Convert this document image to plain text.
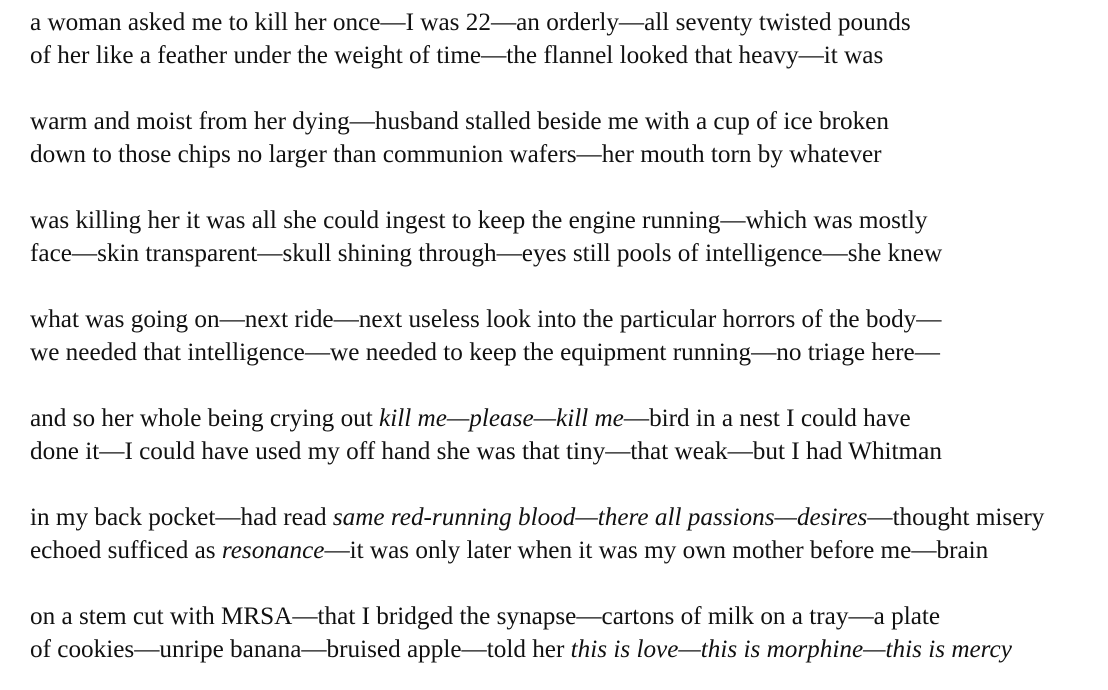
a woman asked me to kill her once—I was 22—an orderly—all seventy twisted pounds
of her like a feather under the weight of time—the flannel looked that heavy—it was
warm and moist from her dying—husband stalled beside me with a cup of ice broken
down to those chips no larger than communion wafers—her mouth torn by whatever
was killing her it was all she could ingest to keep the engine running—which was mostly
face—skin transparent—skull shining through—eyes still pools of intelligence—she knew
what was going on—next ride—next useless look into the particular horrors of the body—
we needed that intelligence—we needed to keep the equipment running—no triage here—
and so her whole being crying out kill me—please—kill me—bird in a nest I could have
done it—I could have used my off hand she was that tiny—that weak—but I had Whitman
in my back pocket—had read same red-running blood—there all passions—desires—thought misery
echoed sufficed as resonance—it was only later when it was my own mother before me—brain
on a stem cut with MRSA—that I bridged the synapse—cartons of milk on a tray—a plate
of cookies—unripe banana—bruised apple—told her this is love—this is morphine—this is mercy
